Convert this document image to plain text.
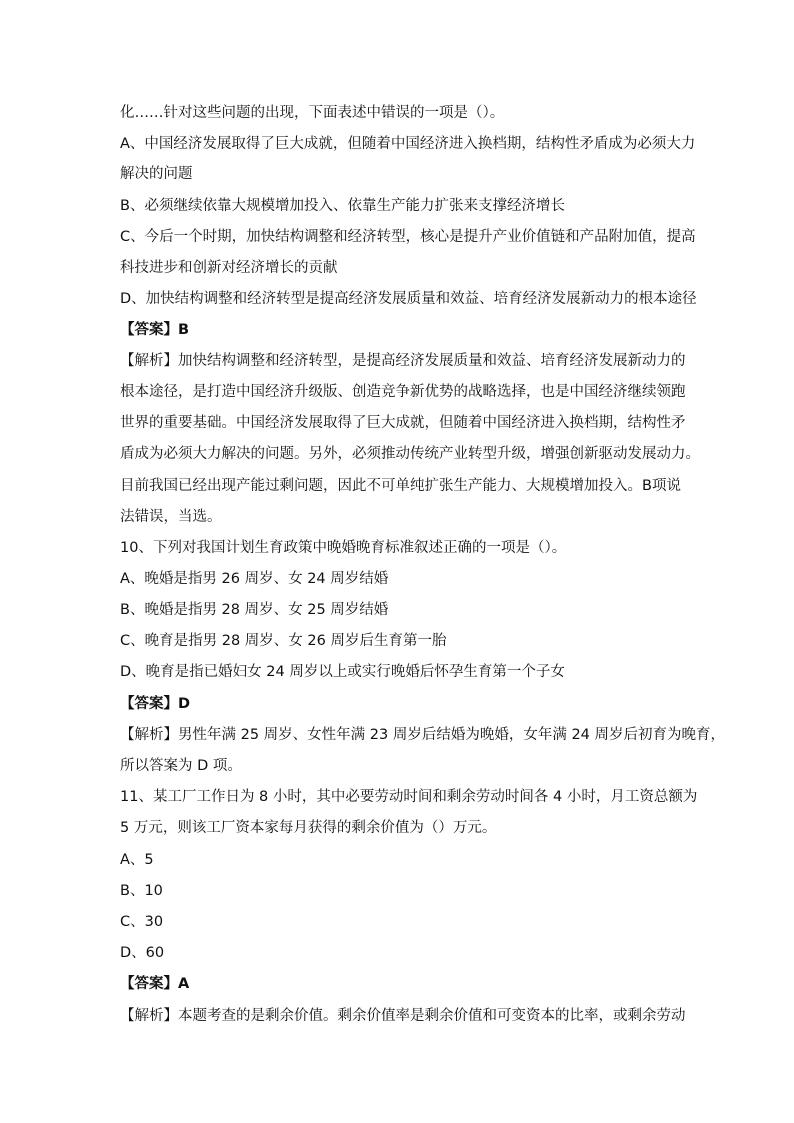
化……针对这些问题的出现，下面表述中错误的一项是（）。
A、中国经济发展取得了巨大成就，但随着中国经济进入换档期，结构性矛盾成为必须大力
解决的问题
B、必须继续依靠大规模增加投入、依靠生产能力扩张来支撑经济增长
C、今后一个时期，加快结构调整和经济转型，核心是提升产业价值链和产品附加值，提高
科技进步和创新对经济增长的贡献
D、加快结构调整和经济转型是提高经济发展质量和效益、培育经济发展新动力的根本途径
【答案】B
【解析】加快结构调整和经济转型，是提高经济发展质量和效益、培育经济发展新动力的
根本途径，是打造中国经济升级版、创造竞争新优势的战略选择，也是中国经济继续领跑
世界的重要基础。中国经济发展取得了巨大成就，但随着中国经济进入换档期，结构性矛
盾成为必须大力解决的问题。另外，必须推动传统产业转型升级，增强创新驱动发展动力。
目前我国已经出现产能过剩问题，因此不可单纯扩张生产能力、大规模增加投入。B项说
法错误，当选。
10、下列对我国计划生育政策中晚婚晚育标准叙述正确的一项是（）。
A、晚婚是指男 26 周岁、女 24 周岁结婚
B、晚婚是指男 28 周岁、女 25 周岁结婚
C、晚育是指男 28 周岁、女 26 周岁后生育第一胎
D、晚育是指已婚妇女 24 周岁以上或实行晚婚后怀孕生育第一个子女
【答案】D
【解析】男性年满 25 周岁、女性年满 23 周岁后结婚为晚婚，女年满 24 周岁后初育为晚育，
所以答案为 D 项。
11、某工厂工作日为 8 小时，其中必要劳动时间和剩余劳动时间各 4 小时，月工资总额为
5 万元，则该工厂资本家每月获得的剩余价值为（）万元。
A、5
B、10
C、30
D、60
【答案】A
【解析】本题考查的是剩余价值。剩余价值率是剩余价值和可变资本的比率，或剩余劳动
